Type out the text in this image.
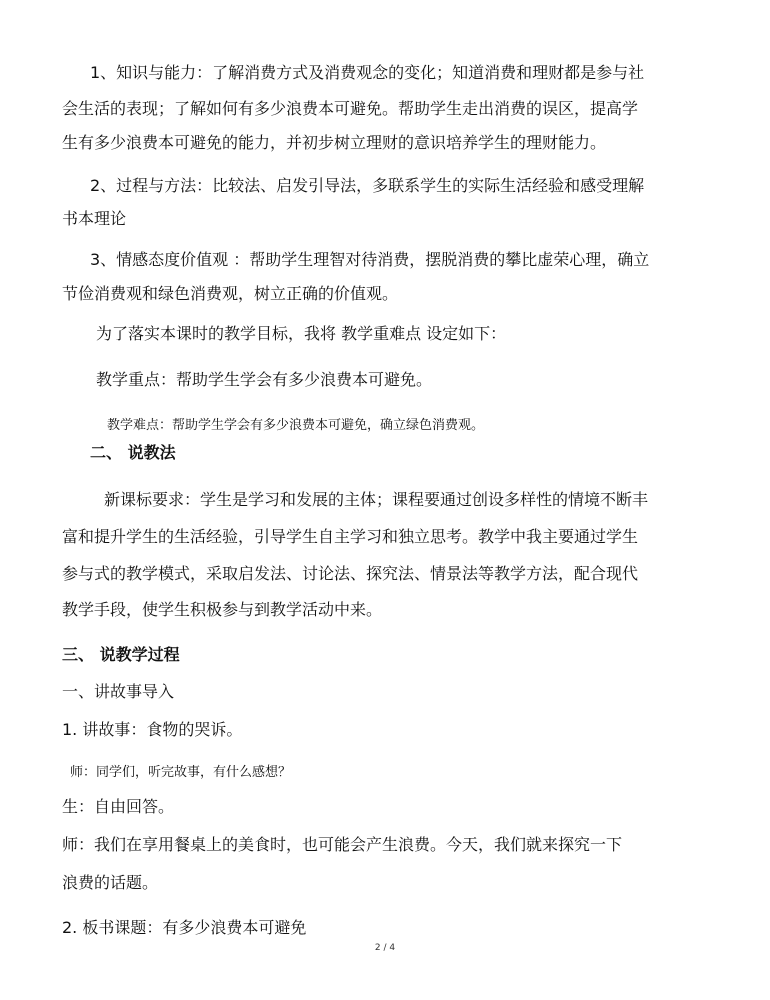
1、知识与能力：了解消费方式及消费观念的变化；知道消费和理财都是参与社
会生活的表现；了解如何有多少浪费本可避免。帮助学生走出消费的误区，提高学
生有多少浪费本可避免的能力，并初步树立理财的意识培养学生的理财能力。
2、过程与方法：比较法、启发引导法，多联系学生的实际生活经验和感受理解
书本理论
3、情感态度价值观 ：帮助学生理智对待消费，摆脱消费的攀比虚荣心理，确立
节俭消费观和绿色消费观，树立正确的价值观。
为了落实本课时的教学目标，我将 教学重难点 设定如下：
教学重点：帮助学生学会有多少浪费本可避免。
教学难点：帮助学生学会有多少浪费本可避免，确立绿色消费观。
二、 说教法
新课标要求：学生是学习和发展的主体；课程要通过创设多样性的情境不断丰
富和提升学生的生活经验，引导学生自主学习和独立思考。教学中我主要通过学生
参与式的教学模式，采取启发法、讨论法、探究法、情景法等教学方法，配合现代
教学手段，使学生积极参与到教学活动中来。
三、 说教学过程
一、讲故事导入
1. 讲故事：食物的哭诉。
师：同学们，听完故事，有什么感想？
生：自由回答。
师：我们在享用餐桌上的美食时，也可能会产生浪费。今天，我们就来探究一下
浪费的话题。
2. 板书课题：有多少浪费本可避免
2 / 4
